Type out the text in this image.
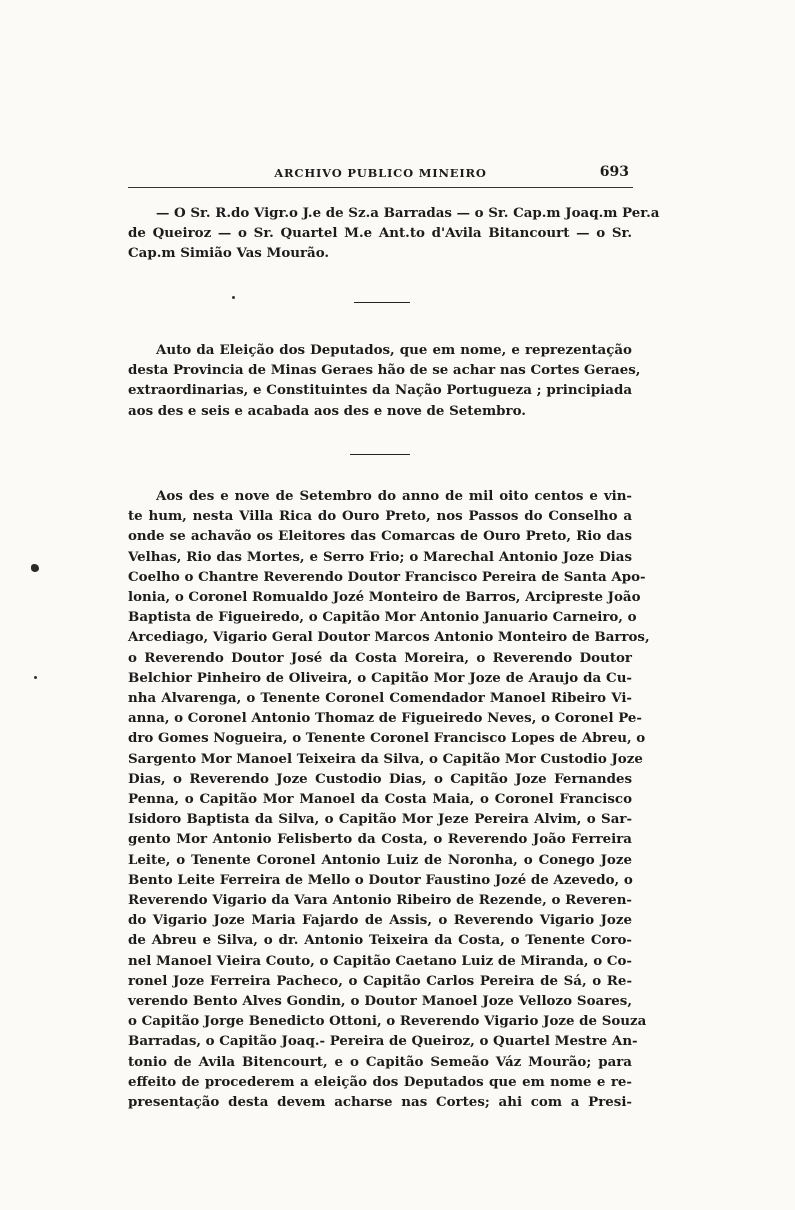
ARCHIVO PUBLICO MINEIRO	693
— O Sr. R.do Vigr.o J.e de Sz.a Barradas — o Sr. Cap.m Joaq.m Per.a
de Queiroz — o Sr. Quartel M.e Ant.to d'Avila Bitancourt — o Sr.
Cap.m Simião Vas Mourão.
Auto da Eleição dos Deputados, que em nome, e reprezentação
desta Provincia de Minas Geraes hão de se achar nas Cortes Geraes,
extraordinarias, e Constituintes da Nação Portugueza ; principiada
aos des e seis e acabada aos des e nove de Setembro.
Aos des e nove de Setembro do anno de mil oito centos e vin-
te hum, nesta Villa Rica do Ouro Preto, nos Passos do Conselho a
onde se achavão os Eleitores das Comarcas de Ouro Preto, Rio das
Velhas, Rio das Mortes, e Serro Frio; o Marechal Antonio Joze Dias
Coelho o Chantre Reverendo Doutor Francisco Pereira de Santa Apo-
lonia, o Coronel Romualdo Jozé Monteiro de Barros, Arcipreste João
Baptista de Figueiredo, o Capitão Mor Antonio Januario Carneiro, o
Arcediago, Vigario Geral Doutor Marcos Antonio Monteiro de Barros,
o Reverendo Doutor José da Costa Moreira, o Reverendo Doutor
Belchior Pinheiro de Oliveira, o Capitão Mor Joze de Araujo da Cu-
nha Alvarenga, o Tenente Coronel Comendador Manoel Ribeiro Vi-
anna, o Coronel Antonio Thomaz de Figueiredo Neves, o Coronel Pe-
dro Gomes Nogueira, o Tenente Coronel Francisco Lopes de Abreu, o
Sargento Mor Manoel Teixeira da Silva, o Capitão Mor Custodio Joze
Dias, o Reverendo Joze Custodio Dias, o Capitão Joze Fernandes
Penna, o Capitão Mor Manoel da Costa Maia, o Coronel Francisco
Isidoro Baptista da Silva, o Capitão Mor Jeze Pereira Alvim, o Sar-
gento Mor Antonio Felisberto da Costa, o Reverendo João Ferreira
Leite, o Tenente Coronel Antonio Luiz de Noronha, o Conego Joze
Bento Leite Ferreira de Mello o Doutor Faustino Jozé de Azevedo, o
Reverendo Vigario da Vara Antonio Ribeiro de Rezende, o Reveren-
do Vigario Joze Maria Fajardo de Assis, o Reverendo Vigario Joze
de Abreu e Silva, o dr. Antonio Teixeira da Costa, o Tenente Coro-
nel Manoel Vieira Couto, o Capitão Caetano Luiz de Miranda, o Co-
ronel Joze Ferreira Pacheco, o Capitão Carlos Pereira de Sá, o Re-
verendo Bento Alves Gondin, o Doutor Manoel Joze Vellozo Soares,
o Capitão Jorge Benedicto Ottoni, o Reverendo Vigario Joze de Souza
Barradas, o Capitão Joaq.- Pereira de Queiroz, o Quartel Mestre An-
tonio de Avila Bitencourt, e o Capitão Semeão Váz Mourão; para
effeito de procederem a eleição dos Deputados que em nome e re-
presentação desta devem acharse nas Cortes; ahi com a Presi-
